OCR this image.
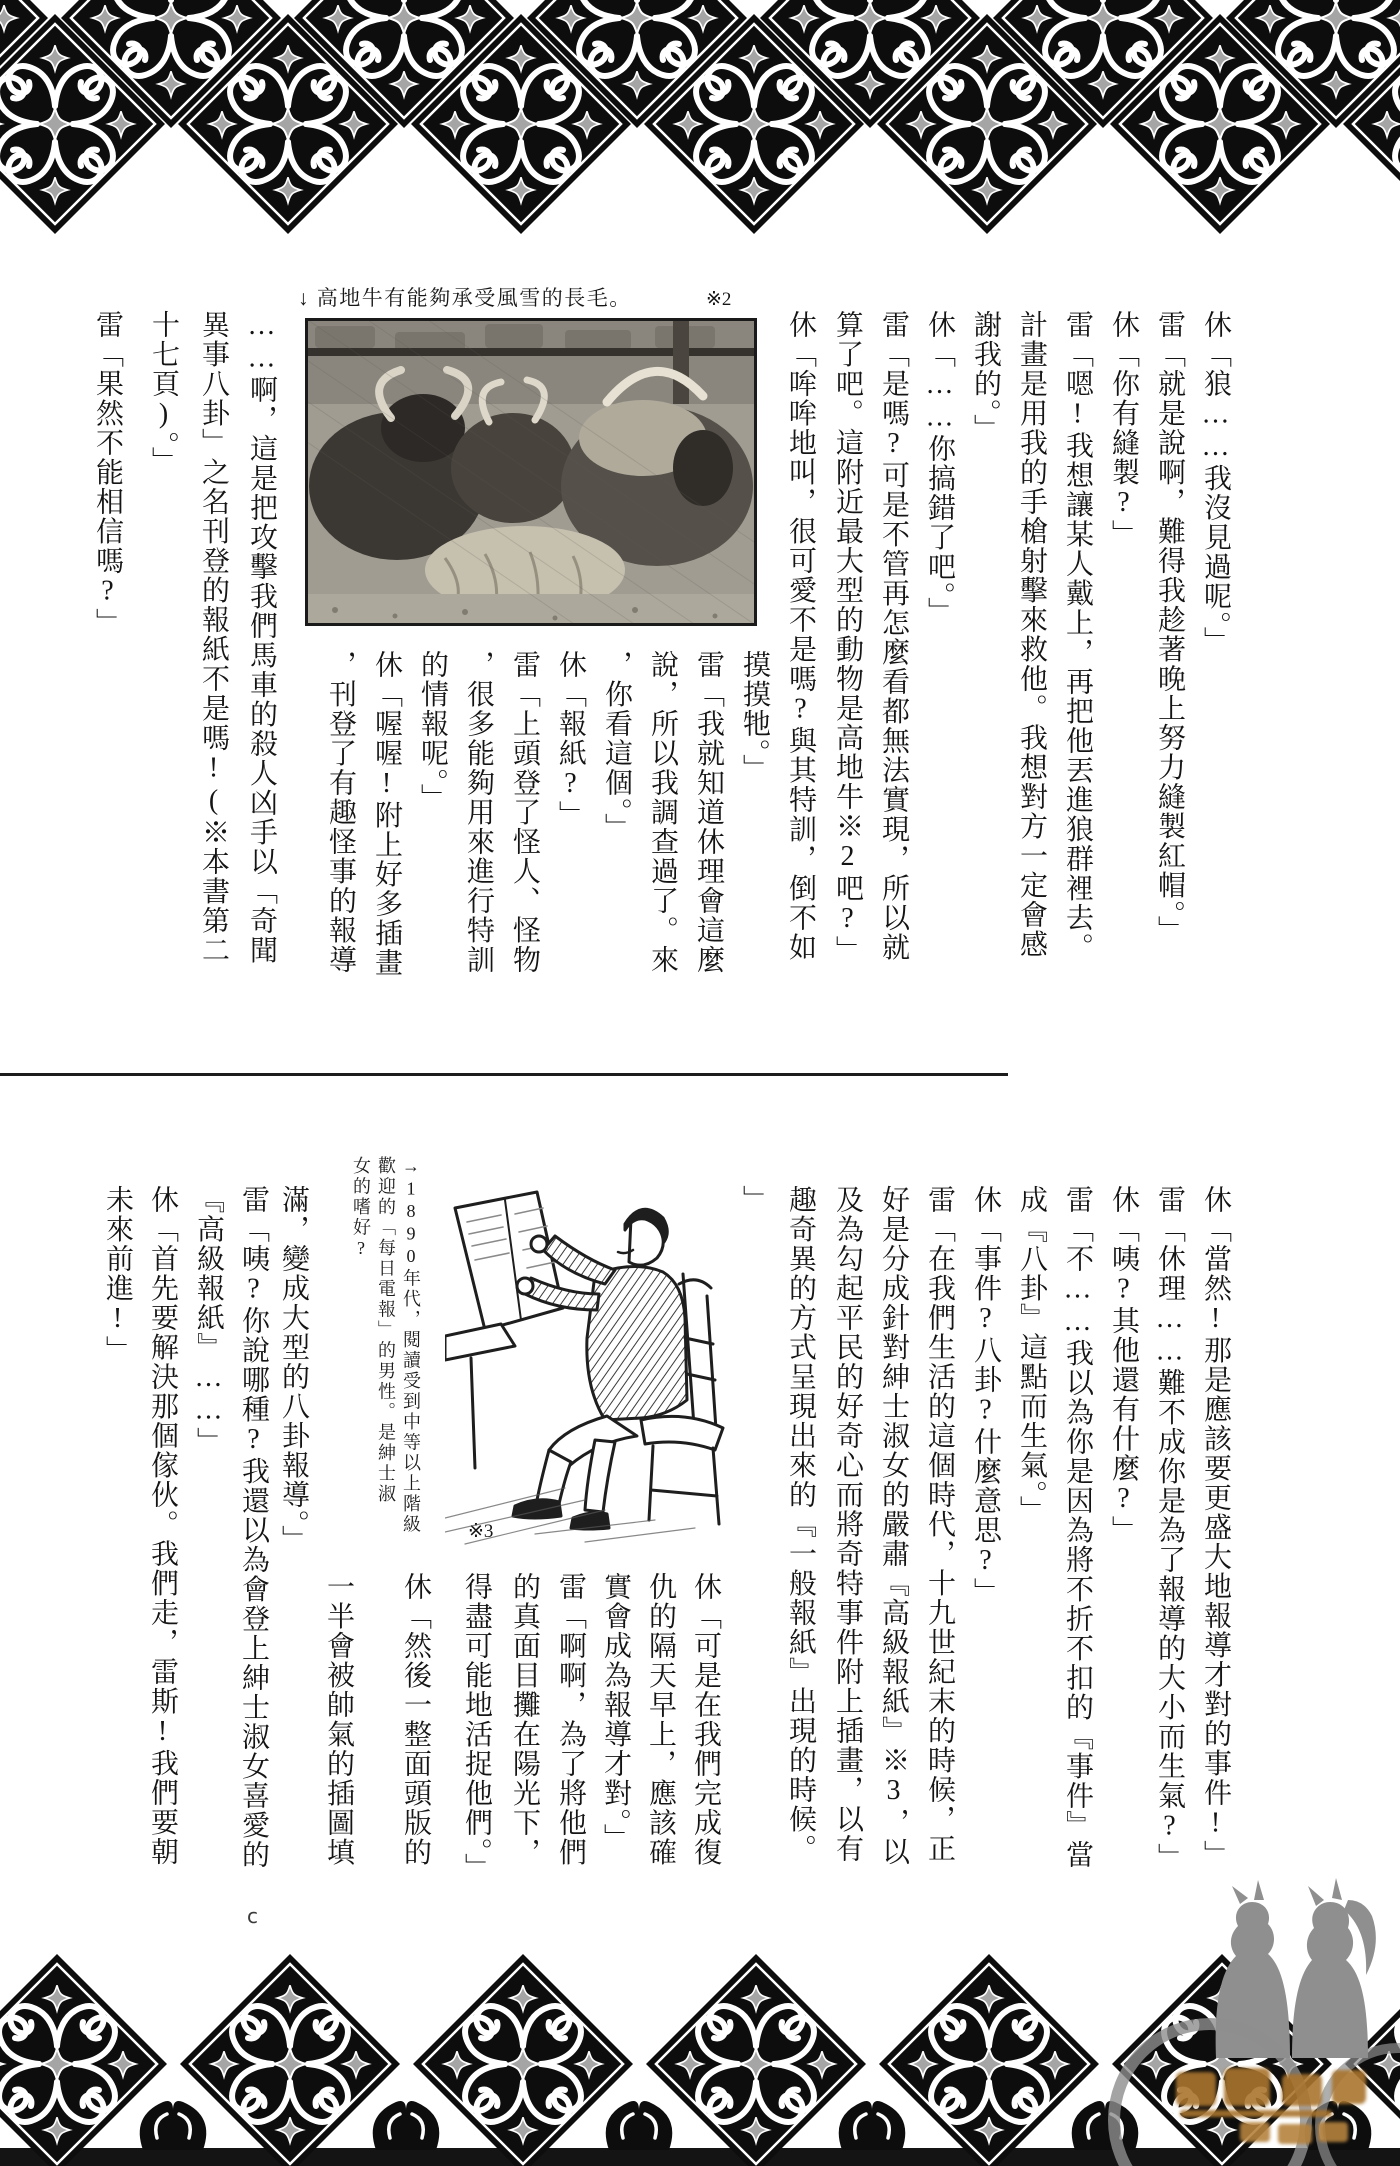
↓ 高地牛有能夠承受風雪的長毛。	※2
休「狼……我沒見過呢。」
雷「就是說啊，難得我趁著晚上努力縫製紅帽。」
休「你有縫製?」
雷「嗯!我想讓某人戴上，再把他丟進狼群裡去。
計畫是用我的手槍射擊來救他。我想對方一定會感
謝我的。」
休「……你搞錯了吧。」
雷「是嗎?可是不管再怎麼看都無法實現，所以就
算了吧。這附近最大型的動物是高地牛※2吧?」
休「哞哞地叫，很可愛不是嗎?與其特訓，倒不如
摸摸牠。」
雷「我就知道休理會這麼
說，所以我調查過了。來
，你看這個。」
休「報紙?」
雷「上頭登了怪人、怪物
，很多能夠用來進行特訓
的情報呢。」
休「喔喔!附上好多插畫
，刊登了有趣怪事的報導
……啊，這是把攻擊我們馬車的殺人凶手以「奇聞
異事八卦」之名刊登的報紙不是嗎!(※本書第二
十七頁)。」
雷「果然不能相信嗎?」
→1890年代，閱讀受到中等以上階級
歡迎的「每日電報」的男性。是紳士淑
女的嗜好?
※3	休「當然!那是應該要更盛大地報導才對的事件!」
雷「休理……難不成你是為了報導的大小而生氣?」
休「咦?其他還有什麼?」
雷「不……我以為你是因為將不折不扣的『事件』當
成『八卦』這點而生氣。」
休「事件?八卦?什麼意思?」
雷「在我們生活的這個時代，十九世紀末的時候，正
好是分成針對紳士淑女的嚴肅『高級報紙』※3，以
及為勾起平民的好奇心而將奇特事件附上插畫，以有
趣奇異的方式呈現出來的『一般報紙』出現的時候。
」
休「可是在我們完成復
仇的隔天早上，應該確
實會成為報導才對。」
雷「啊啊，為了將他們
的真面目攤在陽光下，
得盡可能地活捉他們。」
休「然後一整面頭版的
一半會被帥氣的插圖填
滿，變成大型的八卦報導。」
雷「咦?你說哪種?我還以為會登上紳士淑女喜愛的
『高級報紙』……」
休「首先要解決那個傢伙。我們走，雷斯!我們要朝
未來前進!」
c
